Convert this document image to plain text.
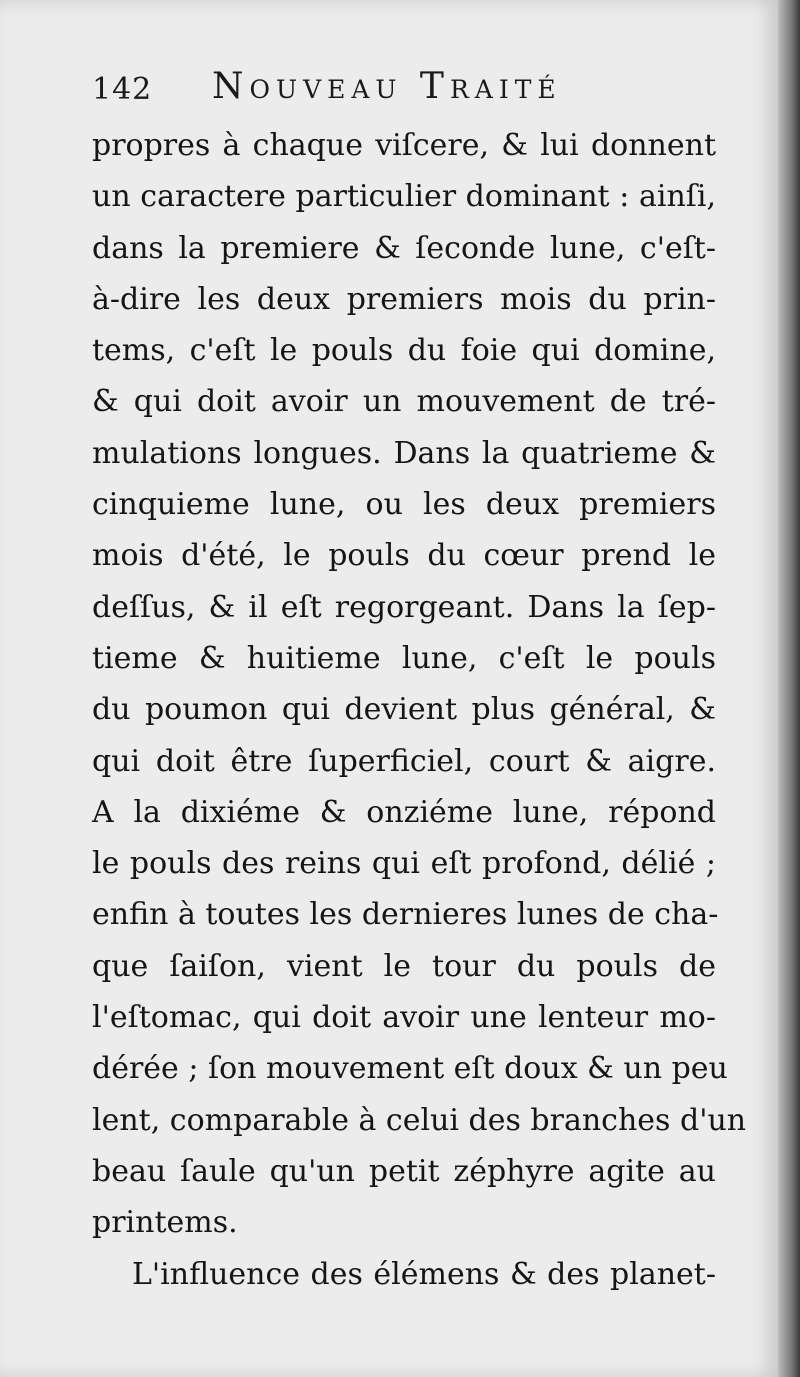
142 Nouveau Traité
propres à chaque viſcere, & lui donnent
un caractere particulier dominant : ainſi,
dans la premiere & ſeconde lune, c'eſt-
à-dire les deux premiers mois du prin-
tems, c'eſt le pouls du foie qui domine,
& qui doit avoir un mouvement de tré-
mulations longues. Dans la quatrieme &
cinquieme lune, ou les deux premiers
mois d'été, le pouls du cœur prend le
deſſus, & il eſt regorgeant. Dans la ſep-
tieme & huitieme lune, c'eſt le pouls
du poumon qui devient plus général, &
qui doit être ſuperficiel, court & aigre.
A la dixiéme & onziéme lune, répond
le pouls des reins qui eſt profond, délié ;
enfin à toutes les dernieres lunes de cha-
que ſaiſon, vient le tour du pouls de
l'eſtomac, qui doit avoir une lenteur mo-
dérée ; ſon mouvement eſt doux & un peu
lent, comparable à celui des branches d'un
beau ſaule qu'un petit zéphyre agite au
printems.
L'influence des élémens & des planet-
